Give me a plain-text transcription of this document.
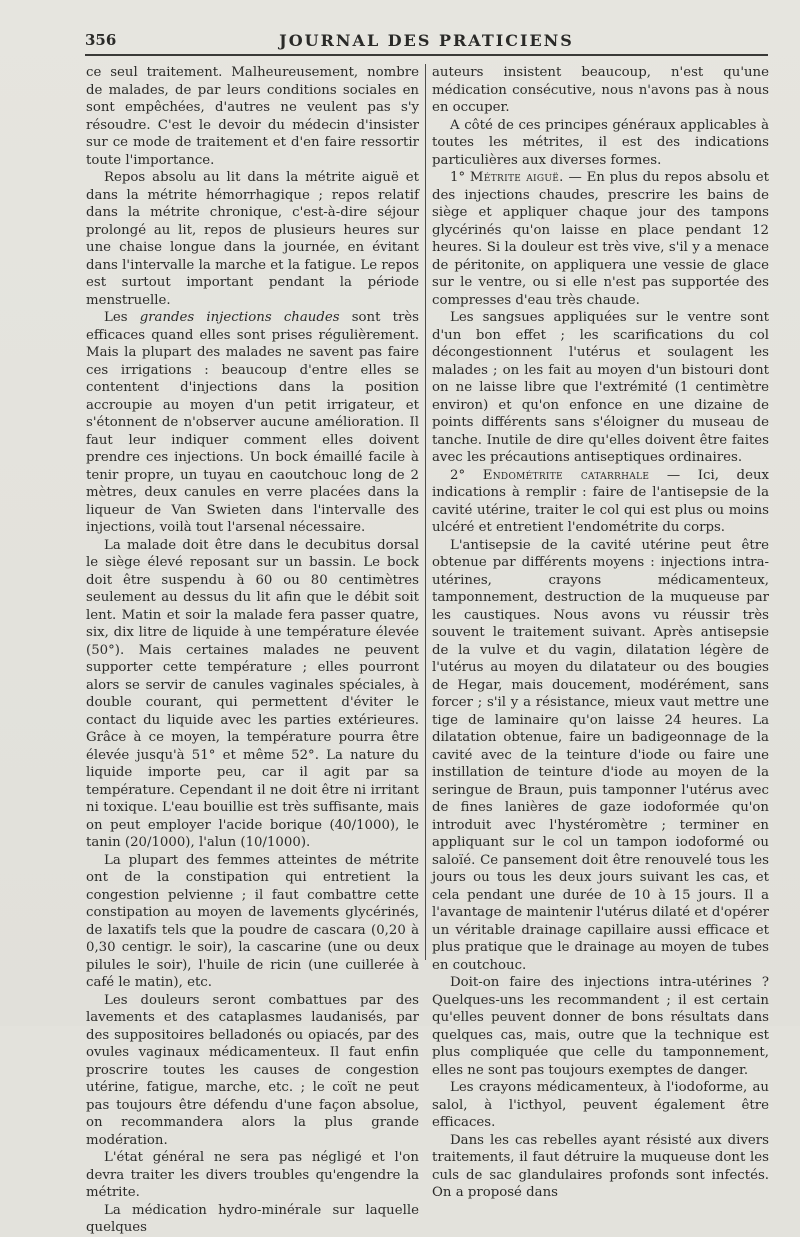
356	JOURNAL DES PRATICIENS

ce seul traitement. Malheureusement, nombre de malades, de par leurs conditions sociales en sont empêchées, d'autres ne veulent pas s'y résoudre. C'est le devoir du médecin d'insister sur ce mode de traitement et d'en faire ressortir toute l'importance.

Repos absolu au lit dans la métrite aiguë et dans la métrite hémorrhagique ; repos relatif dans la métrite chronique, c'est-à-dire séjour prolongé au lit, repos de plusieurs heures sur une chaise longue dans la journée, en évitant dans l'intervalle la marche et la fatigue. Le repos est surtout important pendant la période menstruelle.

Les grandes injections chaudes sont très efficaces quand elles sont prises régulièrement. Mais la plupart des malades ne savent pas faire ces irrigations : beaucoup d'entre elles se contentent d'injections dans la position accroupie au moyen d'un petit irrigateur, et s'étonnent de n'observer aucune amélioration. Il faut leur indiquer comment elles doivent prendre ces injections. Un bock émaillé facile à tenir propre, un tuyau en caoutchouc long de 2 mètres, deux canules en verre placées dans la liqueur de Van Swieten dans l'intervalle des injections, voilà tout l'arsenal nécessaire.

La malade doit être dans le decubitus dorsal le siège élevé reposant sur un bassin. Le bock doit être suspendu à 60 ou 80 centimètres seulement au dessus du lit afin que le débit soit lent. Matin et soir la malade fera passer quatre, six, dix litre de liquide à une température élevée (50°). Mais certaines malades ne peuvent supporter cette température ; elles pourront alors se servir de canules vaginales spéciales, à double courant, qui permettent d'éviter le contact du liquide avec les parties extérieures. Grâce à ce moyen, la température pourra être élevée jusqu'à 51° et même 52°. La nature du liquide importe peu, car il agit par sa température. Cependant il ne doit être ni irritant ni toxique. L'eau bouillie est très suffisante, mais on peut employer l'acide borique (40/1000), le tanin (20/1000), l'alun (10/1000).

La plupart des femmes atteintes de métrite ont de la constipation qui entretient la congestion pelvienne ; il faut combattre cette constipation au moyen de lavements glycérinés, de laxatifs tels que la poudre de cascara (0,20 à 0,30 centigr. le soir), la cascarine (une ou deux pilules le soir), l'huile de ricin (une cuillerée à café le matin), etc.

Les douleurs seront combattues par des lavements et des cataplasmes laudanisés, par des suppositoires belladonés ou opiacés, par des ovules vaginaux médicamenteux. Il faut enfin proscrire toutes les causes de congestion utérine, fatigue, marche, etc. ; le coït ne peut pas toujours être défendu d'une façon absolue, on recommandera alors la plus grande modération.

L'état général ne sera pas négligé et l'on devra traiter les divers troubles qu'engendre la métrite.

La médication hydro-minérale sur laquelle quelques

auteurs insistent beaucoup, n'est qu'une médication consécutive, nous n'avons pas à nous en occuper.

A côté de ces principes généraux applicables à toutes les métrites, il est des indications particulières aux diverses formes.

1° Métrite aiguë. — En plus du repos absolu et des injections chaudes, prescrire les bains de siège et appliquer chaque jour des tampons glycérinés qu'on laisse en place pendant 12 heures. Si la douleur est très vive, s'il y a menace de péritonite, on appliquera une vessie de glace sur le ventre, ou si elle n'est pas supportée des compresses d'eau très chaude.

Les sangsues appliquées sur le ventre sont d'un bon effet ; les scarifications du col décongestionnent l'utérus et soulagent les malades ; on les fait au moyen d'un bistouri dont on ne laisse libre que l'extrémité (1 centimètre environ) et qu'on enfonce en une dizaine de points différents sans s'éloigner du museau de tanche. Inutile de dire qu'elles doivent être faites avec les précautions antiseptiques ordinaires.

2° Endométrite catarrhale — Ici, deux indications à remplir : faire de l'antisepsie de la cavité utérine, traiter le col qui est plus ou moins ulcéré et entretient l'endométrite du corps.

L'antisepsie de la cavité utérine peut être obtenue par différents moyens : injections intra-utérines, crayons médicamenteux, tamponnement, destruction de la muqueuse par les caustiques. Nous avons vu réussir très souvent le traitement suivant. Après antisepsie de la vulve et du vagin, dilatation légère de l'utérus au moyen du dilatateur ou des bougies de Hegar, mais doucement, modérément, sans forcer ; s'il y a résistance, mieux vaut mettre une tige de laminaire qu'on laisse 24 heures. La dilatation obtenue, faire un badigeonnage de la cavité avec de la teinture d'iode ou faire une instillation de teinture d'iode au moyen de la seringue de Braun, puis tamponner l'utérus avec de fines lanières de gaze iodoformée qu'on introduit avec l'hystéromètre ; terminer en appliquant sur le col un tampon iodoformé ou saloïé. Ce pansement doit être renouvelé tous les jours ou tous les deux jours suivant les cas, et cela pendant une durée de 10 à 15 jours. Il a l'avantage de maintenir l'utérus dilaté et d'opérer un véritable drainage capillaire aussi efficace et plus pratique que le drainage au moyen de tubes en coutchouc.

Doit-on faire des injections intra-utérines ? Quelques-uns les recommandent ; il est certain qu'elles peuvent donner de bons résultats dans quelques cas, mais, outre que la technique est plus compliquée que celle du tamponnement, elles ne sont pas toujours exemptes de danger.

Les crayons médicamenteux, à l'iodoforme, au salol, à l'icthyol, peuvent également être efficaces.

Dans les cas rebelles ayant résisté aux divers traitements, il faut détruire la muqueuse dont les culs de sac glandulaires profonds sont infectés. On a proposé dans
